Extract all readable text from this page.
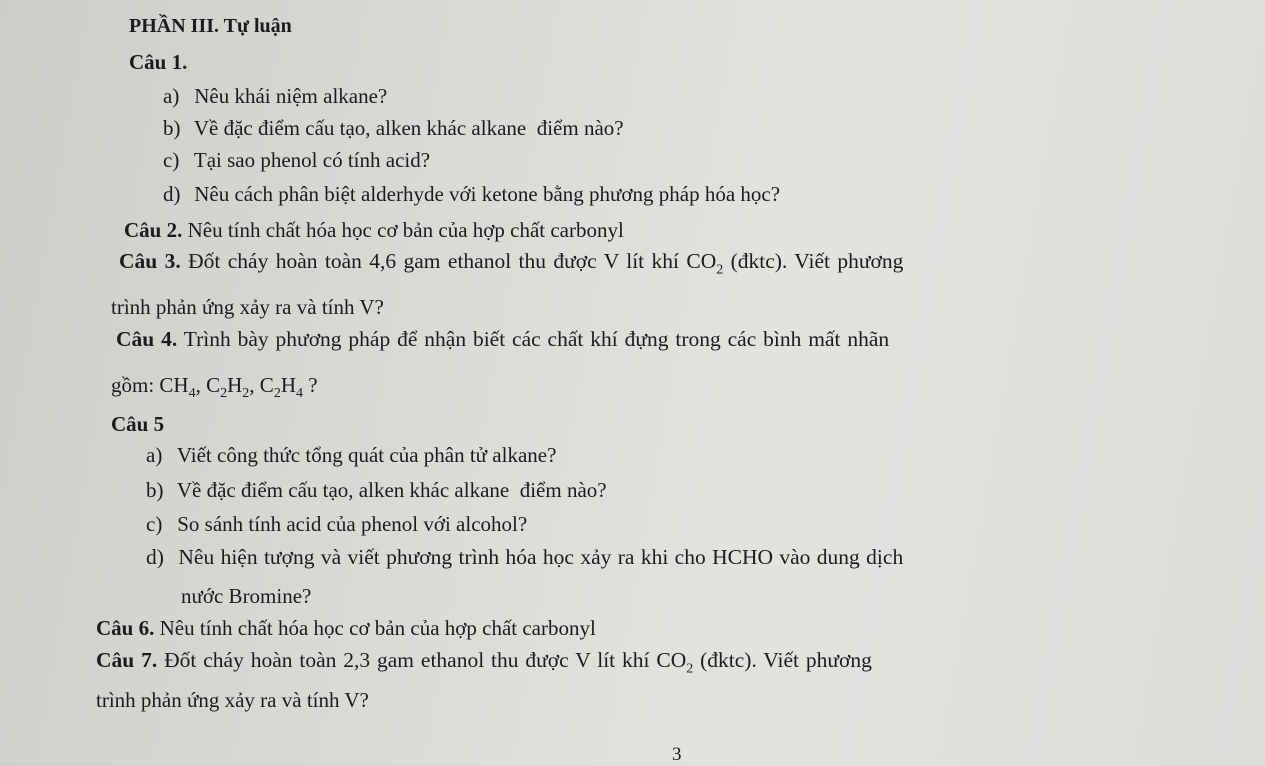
PHẦN III. Tự luận
Câu 1.
a) Nêu khái niệm alkane?
b) Về đặc điểm cấu tạo, alken khác alkane  điểm nào?
c) Tại sao phenol có tính acid?
d) Nêu cách phân biệt alderhyde với ketone bằng phương pháp hóa học?
Câu 2. Nêu tính chất hóa học cơ bản của hợp chất carbonyl
Câu 3. Đốt cháy hoàn toàn 4,6 gam ethanol thu được V lít khí $CO_2$ (đktc). Viết phương
trình phản ứng xảy ra và tính V?
Câu 4. Trình bày phương pháp để nhận biết các chất khí đựng trong các bình mất nhãn
gồm: $CH_4$, $C_2H_2$, $C_2H_4$ ?
Câu 5
a) Viết công thức tổng quát của phân tử alkane?
b) Về đặc điểm cấu tạo, alken khác alkane  điểm nào?
c) So sánh tính acid của phenol với alcohol?
d) Nêu hiện tượng và viết phương trình hóa học xảy ra khi cho HCHO vào dung dịch
nước Bromine?
Câu 6. Nêu tính chất hóa học cơ bản của hợp chất carbonyl
Câu 7. Đốt cháy hoàn toàn 2,3 gam ethanol thu được V lít khí $CO_2$ (đktc). Viết phương
trình phản ứng xảy ra và tính V?
3
